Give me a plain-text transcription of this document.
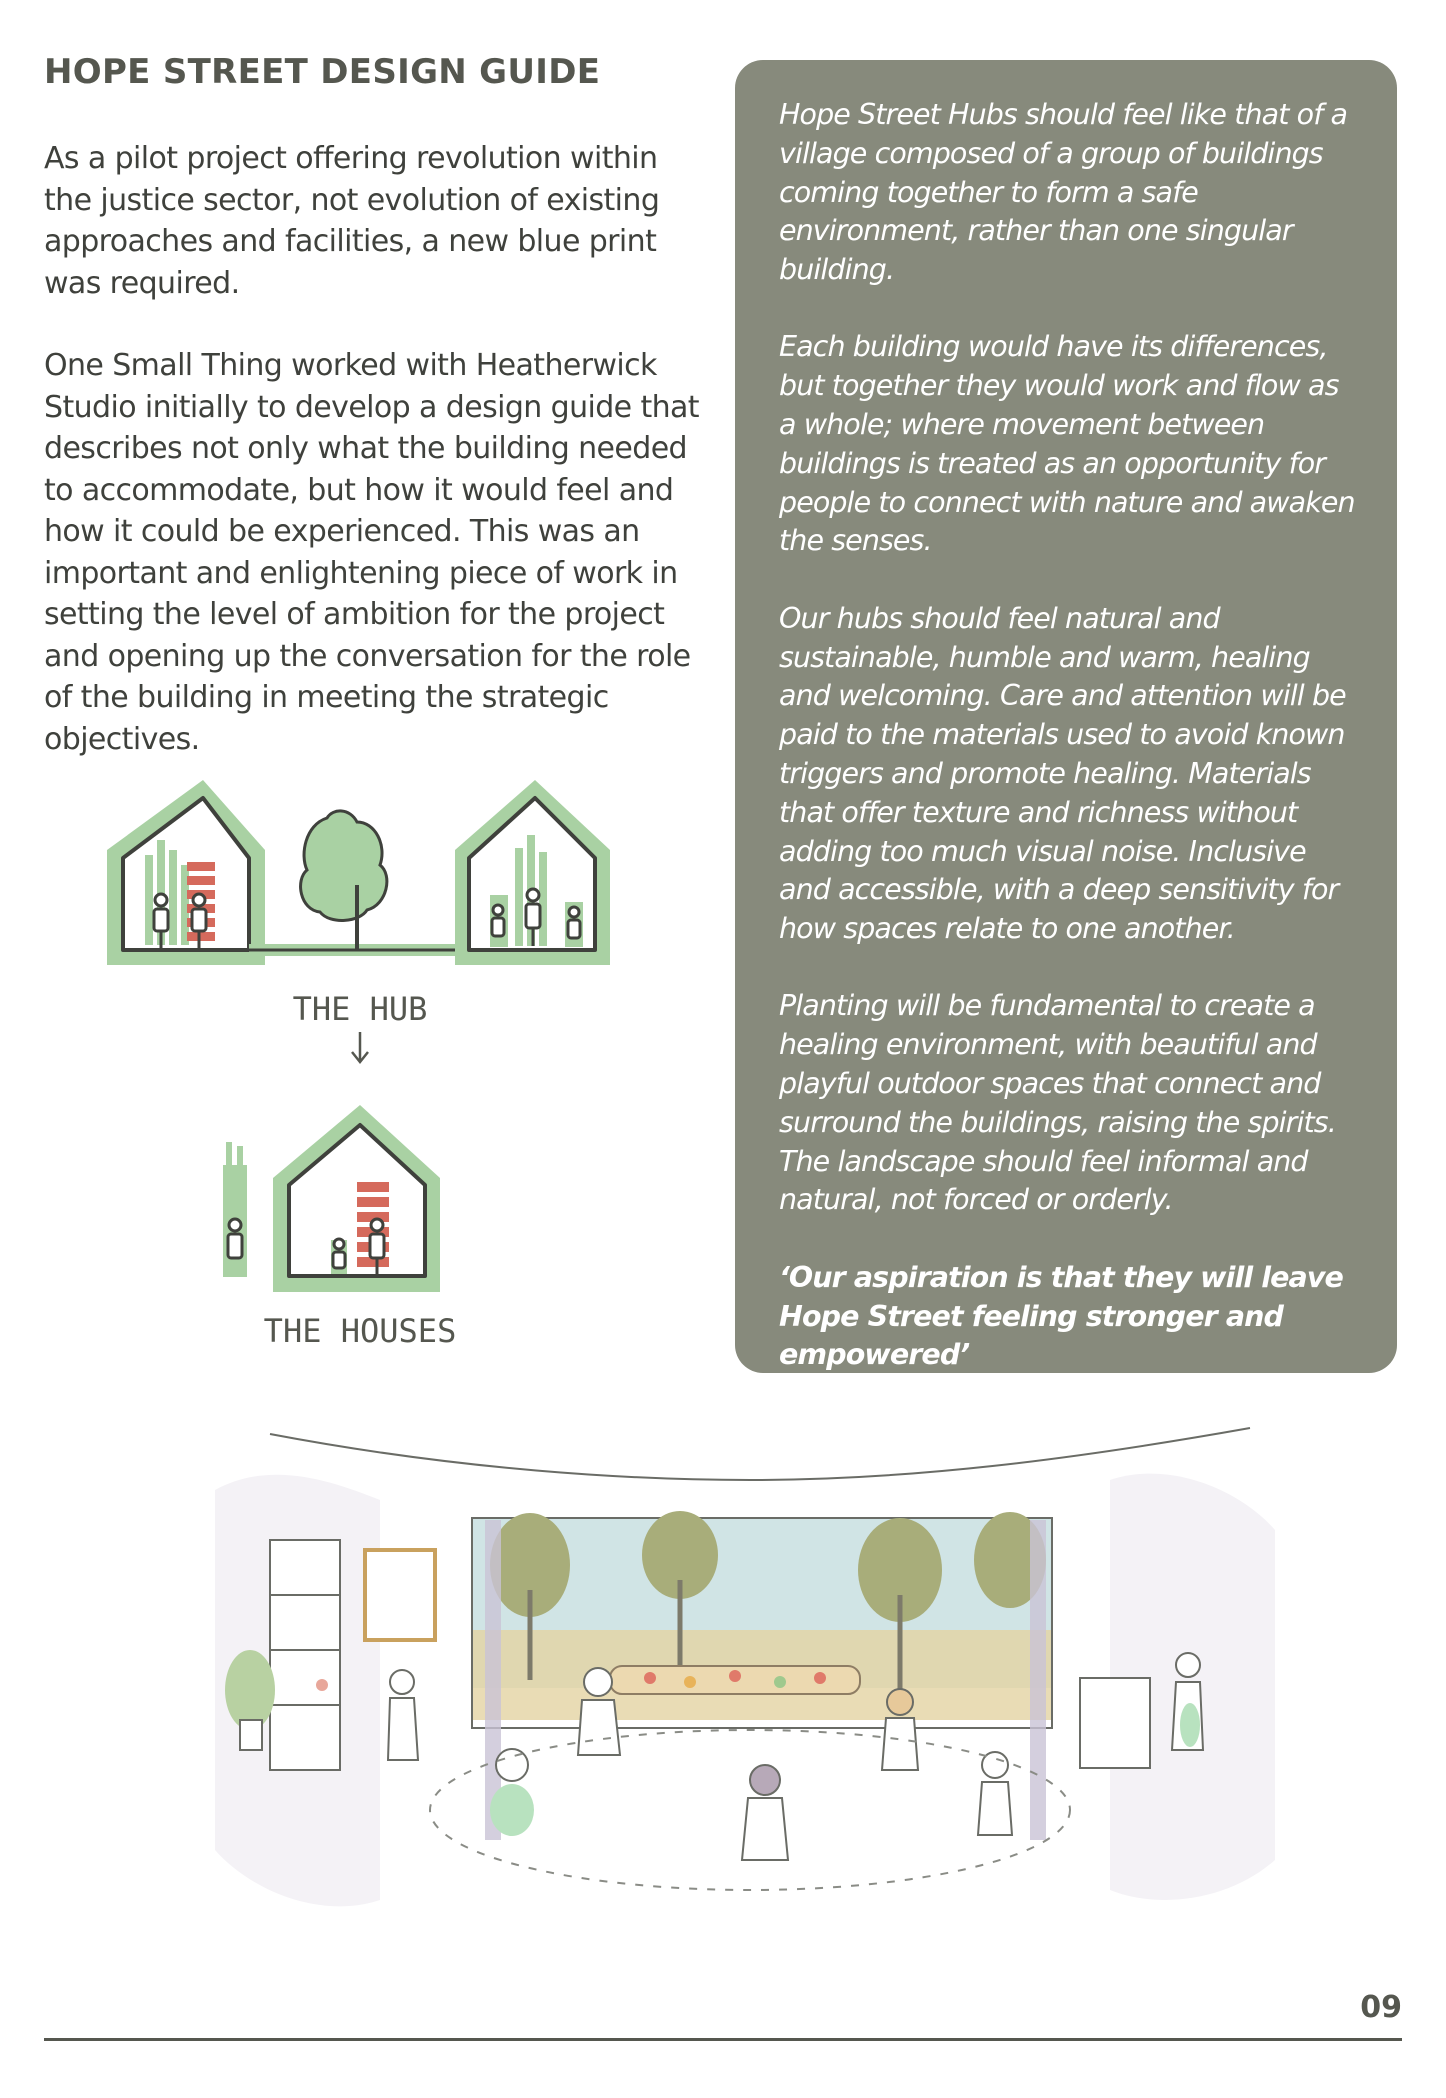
HOPE STREET DESIGN GUIDE

As a pilot project offering revolution within the justice sector, not evolution of existing approaches and facilities, a new blue print was required.

One Small Thing worked with Heatherwick Studio initially to develop a design guide that describes not only what the building needed to accommodate, but how it would feel and how it could be experienced. This was an important and enlightening piece of work in setting the level of ambition for the project and opening up the conversation for the role of the building in meeting the strategic objectives.

Hope Street Hubs should feel like that of a village composed of a group of buildings coming together to form a safe environment, rather than one singular building.

Each building would have its differences, but together they would work and flow as a whole; where movement between buildings is treated as an opportunity for people to connect with nature and awaken the senses.

Our hubs should feel natural and sustainable, humble and warm, healing and welcoming. Care and attention will be paid to the materials used to avoid known triggers and promote healing. Materials that offer texture and richness without adding too much visual noise. Inclusive and accessible, with a deep sensitivity for how spaces relate to one another.

Planting will be fundamental to create a healing environment, with beautiful and playful outdoor spaces that connect and surround the buildings, raising the spirits. The landscape should feel informal and natural, not forced or orderly.

‘Our aspiration is that they will leave Hope Street feeling stronger and empowered’

Hope Street Design Guide

THE HUB
THE HOUSES

09
